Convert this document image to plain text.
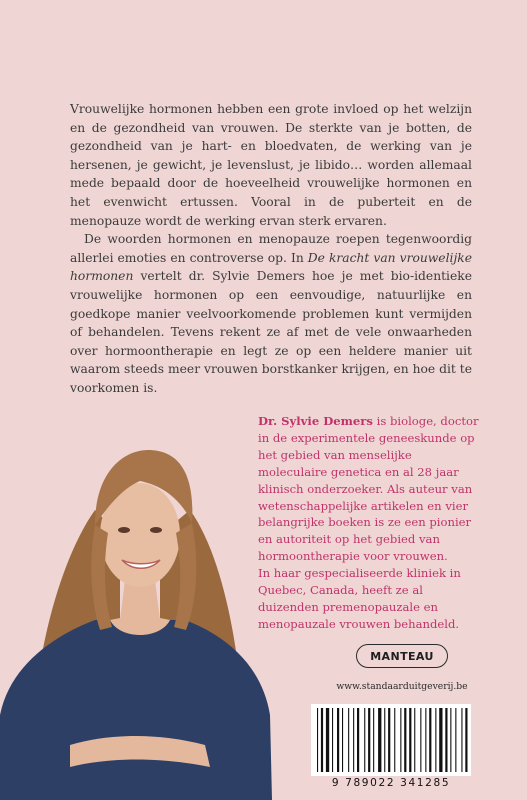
Vrouwelijke hormonen hebben een grote invloed op het welzijn en de gezondheid van vrouwen. De sterkte van je botten, de gezondheid van je hart- en bloedvaten, de werking van je hersenen, je gewicht, je levenslust, je libido… worden allemaal mede bepaald door de hoeveelheid vrouwelijke hormonen en het evenwicht ertussen. Vooral in de puberteit en de menopauze wordt de werking ervan sterk ervaren.

De woorden hormonen en menopauze roepen tegenwoordig allerlei emoties en controverse op. In De kracht van vrouwelijke hormonen vertelt dr. Sylvie Demers hoe je met bio-identieke vrouwelijke hormonen op een eenvoudige, natuurlijke en goedkope manier veelvoorkomende problemen kunt vermijden of behandelen. Tevens rekent ze af met de vele onwaarheden over hormoontherapie en legt ze op een heldere manier uit waarom steeds meer vrouwen borstkanker krijgen, en hoe dit te voorkomen is.

Dr. Sylvie Demers is biologe, doctor in de experimentele geneeskunde op het gebied van menselijke moleculaire genetica en al 28 jaar klinisch onderzoeker. Als auteur van wetenschappelijke artikelen en vier belangrijke boeken is ze een pionier en autoriteit op het gebied van hormoontherapie voor vrouwen.
In haar gespecialiseerde kliniek in Quebec, Canada, heeft ze al duizenden premenopauzale en menopauzale vrouwen behandeld.
MANTEAU
www.standaarduitgeverij.be
9 789022 341285
